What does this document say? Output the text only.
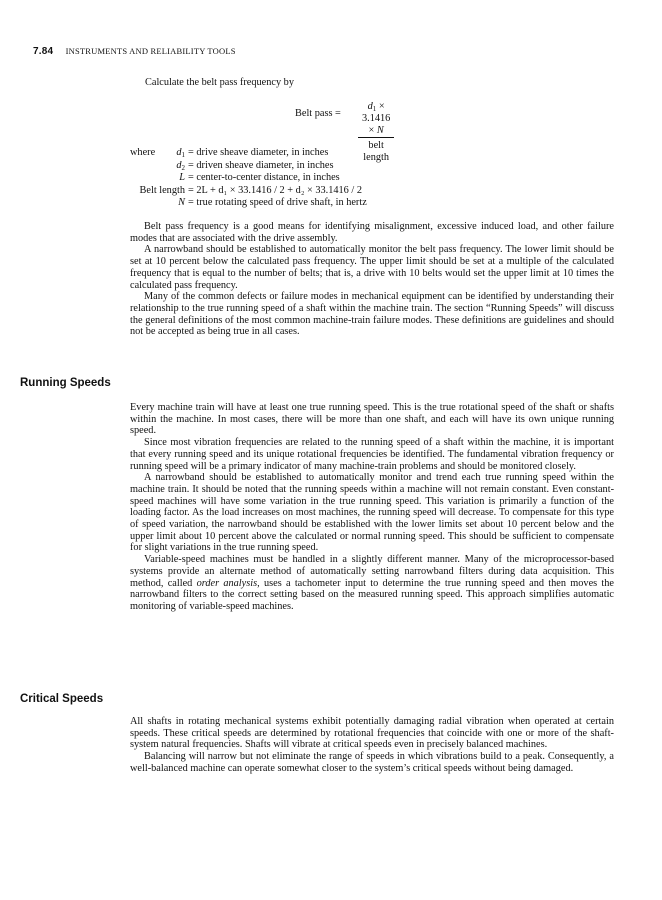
7.84 INSTRUMENTS AND RELIABILITY TOOLS
Calculate the belt pass frequency by
Belt pass =
$d_1 \times 3.1416 \times N$
belt length
where	$d_1$ = drive sheave diameter, in inches
$d_2$ = driven sheave diameter, in inches
L = center-to-center distance, in inches
Belt length = 2L + d₁ × 33.1416 / 2 + d₂ × 33.1416 / 2
N = true rotating speed of drive shaft, in hertz

Belt pass frequency is a good means for identifying misalignment, excessive induced load, and other failure modes that are associated with the drive assembly.

A narrowband should be established to automatically monitor the belt pass frequency. The lower limit should be set at 10 percent below the calculated pass frequency. The upper limit should be set at a multiple of the calculated frequency that is equal to the number of belts; that is, a drive with 10 belts would set the upper limit at 10 times the calculated pass frequency.

Many of the common defects or failure modes in mechanical equipment can be identified by understanding their relationship to the true running speed of a shaft within the machine train. The section “Running Speeds” will discuss the general definitions of the most common machine-train failure modes. These definitions are guidelines and should not be accepted as being true in all cases.

Running Speeds

Every machine train will have at least one true running speed. This is the true rotational speed of the shaft or shafts within the machine. In most cases, there will be more than one shaft, and each will have its own unique running speed.

Since most vibration frequencies are related to the running speed of a shaft within the machine, it is important that every running speed and its unique rotational frequencies be identified. The fundamental vibration frequency or running speed will be a primary indicator of many machine-train problems and should be monitored closely.

A narrowband should be established to automatically monitor and trend each true running speed within the machine train. It should be noted that the running speeds within a machine will not remain constant. Even constant-speed machines will have some variation in the true running speed. This variation is primarily a function of the loading factor. As the load increases on most machines, the running speed will decrease. To compensate for this type of speed variation, the narrowband should be established with the lower limits set about 10 percent below and the upper limit about 10 percent above the calculated or normal running speed. This should be sufficient to compensate for slight variations in the true running speed.

Variable-speed machines must be handled in a slightly different manner. Many of the microprocessor-based systems provide an alternate method of automatically setting narrowband filters during data acquisition. This method, called order analysis, uses a tachometer input to determine the true running speed and then moves the narrowband filters to the correct setting based on the measured running speed. This approach simplifies automatic monitoring of variable-speed machines.

Critical Speeds

All shafts in rotating mechanical systems exhibit potentially damaging radial vibration when operated at certain speeds. These critical speeds are determined by rotational frequencies that coincide with one or more of the shaft-system natural frequencies. Shafts will vibrate at critical speeds even in precisely balanced machines.

Balancing will narrow but not eliminate the range of speeds in which vibrations build to a peak. Consequently, a well-balanced machine can operate somewhat closer to the system’s critical speeds without being damaged.
